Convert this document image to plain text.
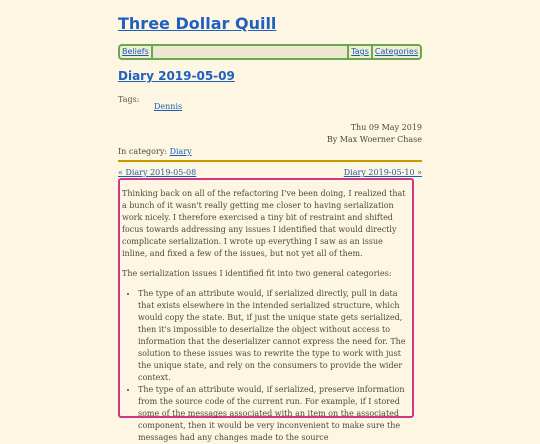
Three Dollar Quill
Beliefs	Tags Categories
Diary 2019-05-09
Tags:
Dennis
Thu 09 May 2019
By Max Woerner Chase
In category: Diary
« Diary 2019-05-08	Diary 2019-05-10 »

Thinking back on all of the refactoring I've been doing, I realized that a bunch of it wasn't really getting me closer to having serialization work nicely. I therefore exercised a tiny bit of restraint and shifted focus towards addressing any issues I identified that would directly complicate serialization. I wrote up everything I saw as an issue inline, and fixed a few of the issues, but not yet all of them.

The serialization issues I identified fit into two general categories:

• The type of an attribute would, if serialized directly, pull in data that exists elsewhere in the intended serialized structure, which would copy the state. But, if just the unique state gets serialized, then it's impossible to deserialize the object without access to information that the deserializer cannot express the need for. The solution to these issues was to rewrite the type to work with just the unique state, and rely on the consumers to provide the wider context.
• The type of an attribute would, if serialized, preserve information from the source code of the current run. For example, if I stored some of the messages associated with an item on the associated component, then it would be very inconvenient to make sure the messages had any changes made to the source
